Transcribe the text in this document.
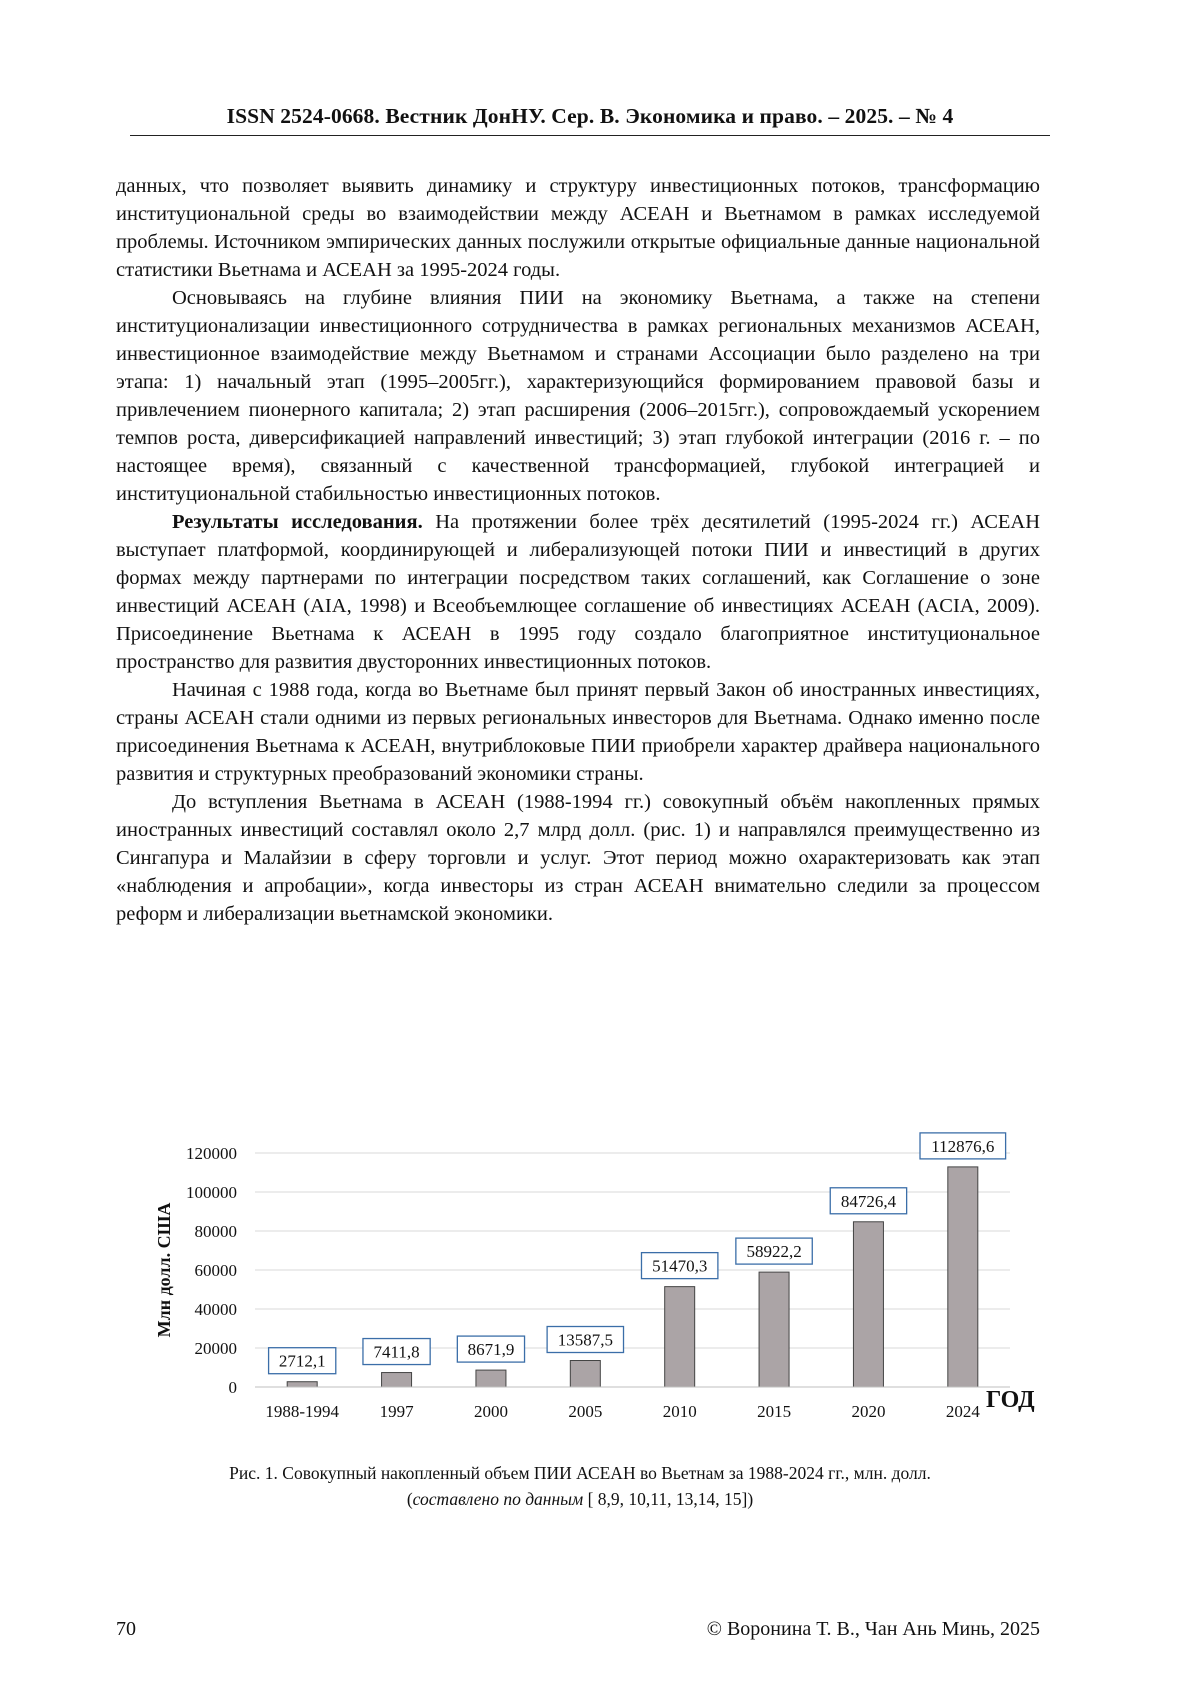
ISSN 2524-0668. Вестник ДонНУ. Сер. В. Экономика и право. – 2025. – № 4

данных, что позволяет выявить динамику и структуру инвестиционных потоков, трансформацию институциональной среды во взаимодействии между АСЕАН и Вьетнамом в рамках исследуемой проблемы. Источником эмпирических данных послужили открытые официальные данные национальной статистики Вьетнама и АСЕАН за 1995-2024 годы.

Основываясь на глубине влияния ПИИ на экономику Вьетнама, а также на степени институционализации инвестиционного сотрудничества в рамках региональных механизмов АСЕАН, инвестиционное взаимодействие между Вьетнамом и странами Ассоциации было разделено на три этапа: 1) начальный этап (1995–2005гг.), характеризующийся формированием правовой базы и привлечением пионерного капитала; 2) этап расширения (2006–2015гг.), сопровождаемый ускорением темпов роста, диверсификацией направлений инвестиций; 3) этап глубокой интеграции (2016 г. – по настоящее время), связанный с качественной трансформацией, глубокой интеграцией и институциональной стабильностью инвестиционных потоков.

Результаты исследования. На протяжении более трёх десятилетий (1995-2024 гг.) АСЕАН выступает платформой, координирующей и либерализующей потоки ПИИ и инвестиций в других формах между партнерами по интеграции посредством таких соглашений, как Соглашение о зоне инвестиций АСЕАН (AIA, 1998) и Всеобъемлющее соглашение об инвестициях АСЕАН (ACIA, 2009). Присоединение Вьетнама к АСЕАН в 1995 году создало благоприятное институциональное пространство для развития двусторонних инвестиционных потоков.

Начиная с 1988 года, когда во Вьетнаме был принят первый Закон об иностранных инвестициях, страны АСЕАН стали одними из первых региональных инвесторов для Вьетнама. Однако именно после присоединения Вьетнама к АСЕАН, внутриблоковые ПИИ приобрели характер драйвера национального развития и структурных преобразований экономики страны.

До вступления Вьетнама в АСЕАН (1988-1994 гг.) совокупный объём накопленных прямых иностранных инвестиций составлял около 2,7 млрд долл. (рис. 1) и направлялся преимущественно из Сингапура и Малайзии в сферу торговли и услуг. Этот период можно охарактеризовать как этап «наблюдения и апробации», когда инвесторы из стран АСЕАН внимательно следили за процессом реформ и либерализации вьетнамской экономики.

2712,1	7411,8	8671,9
13587,5
51470,3
58922,2
84726,4
112876,6
0
20000
40000
60000
80000
100000
120000
1988-1994 1997	2000	2005	2010	2015	2020	2024
Млн долл. США
ГОД
Рис. 1. Совокупный накопленный объем ПИИ АСЕАН во Вьетнам за 1988-2024 гг., млн. долл.
(составлено по данным [ 8,9, 10,11, 13,14, 15])
70	© Воронина Т. В., Чан Ань Минь, 2025
